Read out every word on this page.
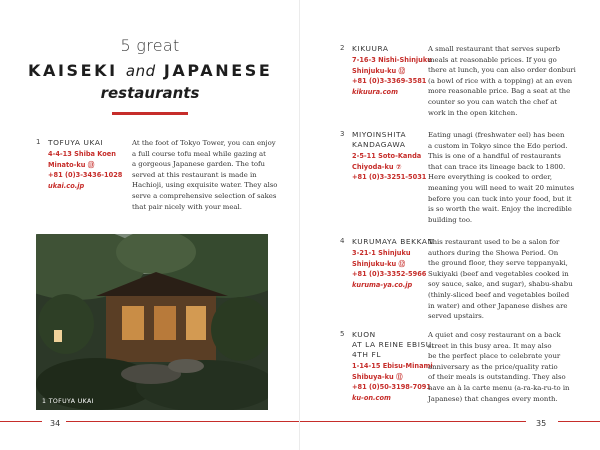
5 great
KAISEKI and JAPANESE
restaurants
1 TOFUYA UKAI
4-4-13 Shiba Koen
Minato-ku ⑬
+81 (0)3-3436-1028
ukai.co.jp
At the foot of Tokyo Tower, you can enjoy
a full course tofu meal while gazing at
a gorgeous Japanese garden. The tofu
served at this restaurant is made in
Hachioji, using exquisite water. They also
serve a comprehensive selection of sakes
that pair nicely with your meal.
1 TOFUYA UKAI
34
2 KIKUURA
7-16-3 Nishi-Shinjuku
Shinjuku-ku ⑫
+81 (0)3-3369-3581
kikuura.com
A small restaurant that serves superb
meals at reasonable prices. If you go
there at lunch, you can also order donburi
(a bowl of rice with a topping) at an even
more reasonable price. Bag a seat at the
counter so you can watch the chef at
work in the open kitchen.
3 MIYOINSHITA
KANDAGAWA
2-5-11 Soto-Kanda
Chiyoda-ku ⑦
+81 (0)3-3251-5031
Eating unagi (freshwater eel) has been
a custom in Tokyo since the Edo period.
This is one of a handful of restaurants
that can trace its lineage back to 1800.
Here everything is cooked to order,
meaning you will need to wait 20 minutes
before you can tuck into your food, but it
is so worth the wait. Enjoy the incredible
building too.
4 KURUMAYA BEKKAN
3-21-1 Shinjuku
Shinjuku-ku ⑫
+81 (0)3-3352-5966
kuruma-ya.co.jp
This restaurant used to be a salon for
authors during the Showa Period. On
the ground floor, they serve teppanyaki,
Sukiyaki (beef and vegetables cooked in
soy sauce, sake, and sugar), shabu-shabu
(thinly-sliced beef and vegetables boiled
in water) and other Japanese dishes are
served upstairs.
5 KUON
AT LA REINE EBISU,
4TH FL
1-14-15 Ebisu-Minami
Shibuya-ku ⑪
+81 (0)50-3198-7091
ku-on.com
A quiet and cosy restaurant on a back
street in this busy area. It may also
be the perfect place to celebrate your
anniversary as the price/quality ratio
of their meals is outstanding. They also
have an à la carte menu (a-ra-ka-ru-to in
Japanese) that changes every month.
35
